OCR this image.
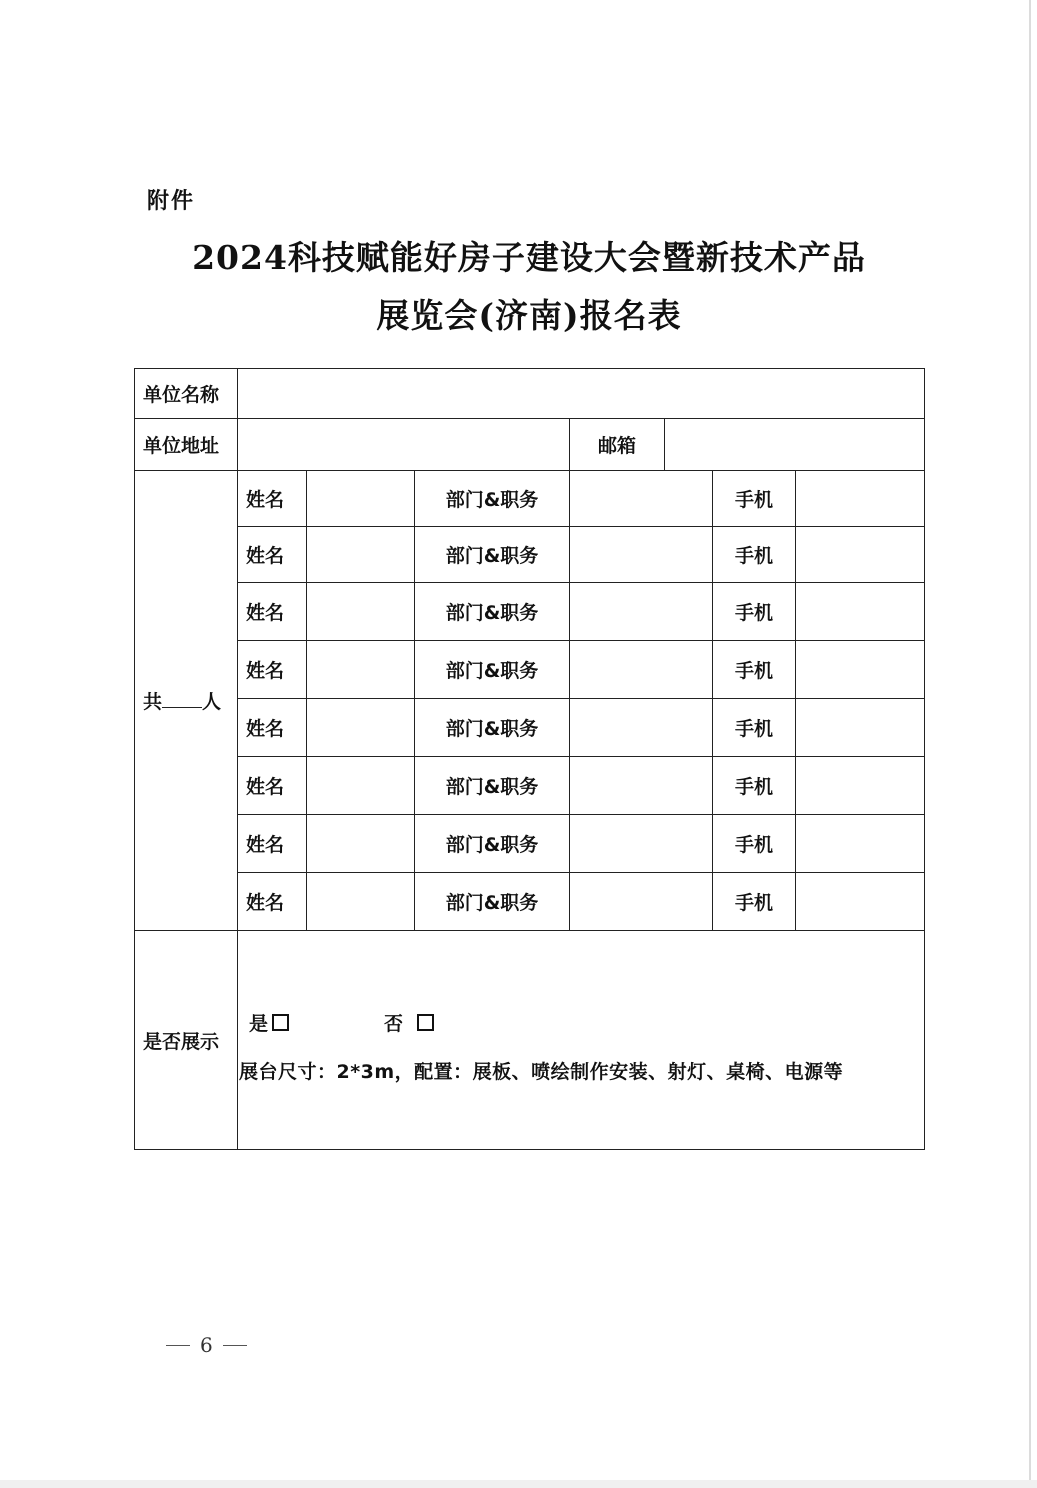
附件
2024科技赋能好房子建设大会暨新技术产品
展览会(济南)报名表
单位名称							
单位地址				邮箱			
共 人	姓名		部门&职务			手机	
	姓名		部门&职务			手机	
	姓名		部门&职务			手机	
	姓名		部门&职务			手机	
	姓名		部门&职务			手机	
	姓名		部门&职务			手机	
	姓名		部门&职务			手机	
	姓名		部门&职务			手机	
是否展示	是 否
展台尺寸：2*3m，配置：展板、喷绘制作安装、射灯、桌椅、电源等						
6
